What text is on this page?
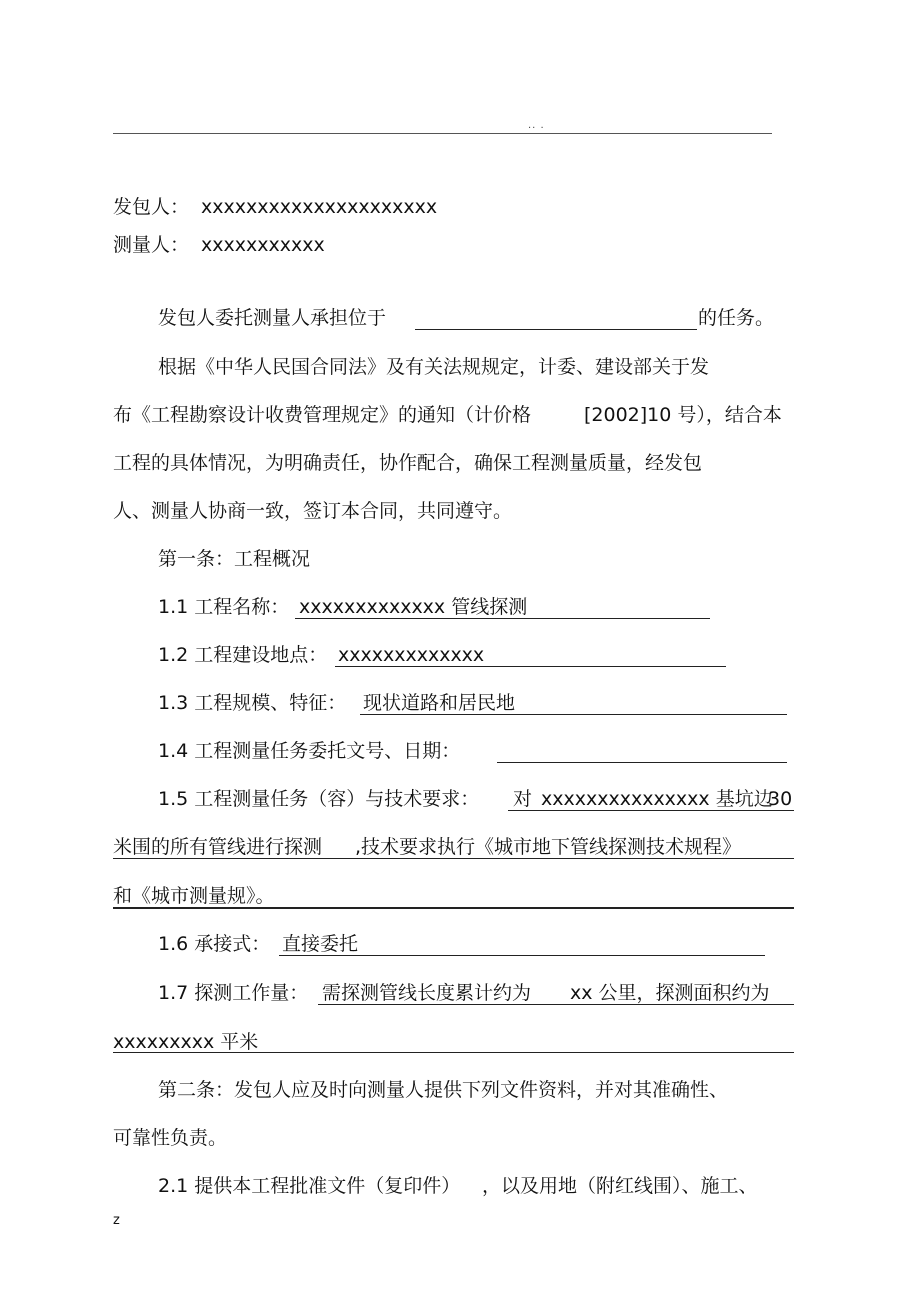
.. .
发包人： xxxxxxxxxxxxxxxxxxxxx
测量人： xxxxxxxxxxx
发包人委托测量人承担位于	的任务。
根据《中华人民国合同法》及有关法规规定，计委、建设部关于发
布《工程勘察设计收费管理规定》的通知（计价格	[2002]10 号），结合本
工程的具体情况，为明确责任，协作配合，确保工程测量质量，经发包
人、测量人协商一致，签订本合同，共同遵守。
第一条：工程概况
1.1 工程名称： xxxxxxxxxxxxx 管线探测
1.2 工程建设地点： xxxxxxxxxxxxx
1.3 工程规模、特征： 现状道路和居民地
1.4 工程测量任务委托文号、日期：
1.5 工程测量任务（容）与技术要求： 对 xxxxxxxxxxxxxxx 基坑边
30
米围的所有管线进行探测 ,技术要求执行《城市地下管线探测技术规程》
和《城市测量规》。
1.6 承接式： 直接委托
1.7 探测工作量： 需探测管线长度累计约为 xx 公里，探测面积约为
xxxxxxxxx 平米
第二条：发包人应及时向测量人提供下列文件资料，并对其准确性、
可靠性负责。
2.1 提供本工程批准文件（复印件） ，以及用地（附红线围）、施工、
z
